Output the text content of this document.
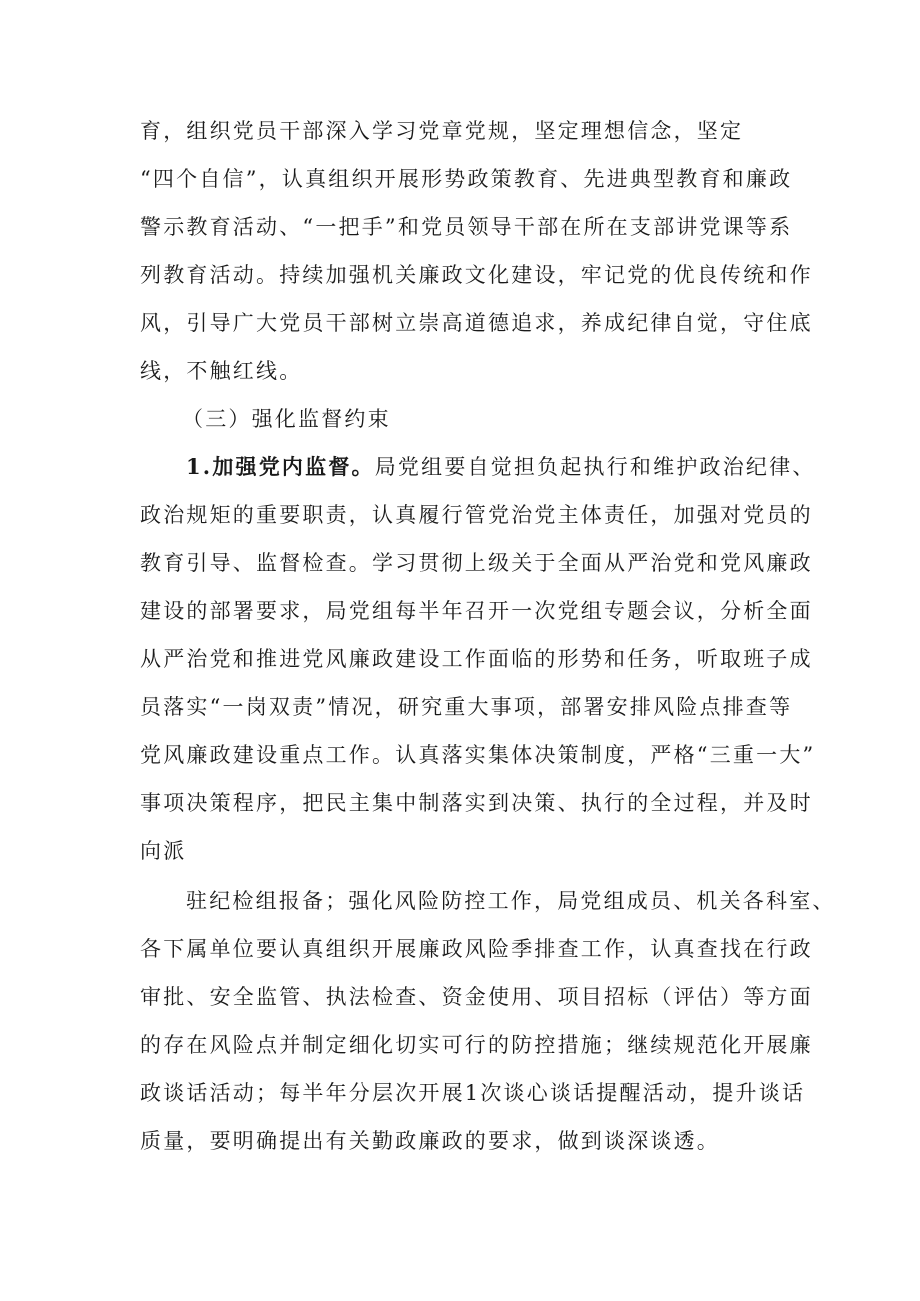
育，组织党员干部深入学习党章党规，坚定理想信念，坚定
“四个自信”，认真组织开展形势政策教育、先进典型教育和廉政
警示教育活动、“一把手”和党员领导干部在所在支部讲党课等系
列教育活动。持续加强机关廉政文化建设，牢记党的优良传统和作
风，引导广大党员干部树立崇高道德追求，养成纪律自觉，守住底
线，不触红线。
（三）强化监督约束
1.加强党内监督。局党组要自觉担负起执行和维护政治纪律、
政治规矩的重要职责，认真履行管党治党主体责任，加强对党员的
教育引导、监督检查。学习贯彻上级关于全面从严治党和党风廉政
建设的部署要求，局党组每半年召开一次党组专题会议，分析全面
从严治党和推进党风廉政建设工作面临的形势和任务，听取班子成
员落实“一岗双责”情况，研究重大事项，部署安排风险点排查等
党风廉政建设重点工作。认真落实集体决策制度，严格“三重一大”
事项决策程序，把民主集中制落实到决策、执行的全过程，并及时
向派
驻纪检组报备；强化风险防控工作，局党组成员、机关各科室、
各下属单位要认真组织开展廉政风险季排查工作，认真查找在行政
审批、安全监管、执法检查、资金使用、项目招标（评估）等方面
的存在风险点并制定细化切实可行的防控措施；继续规范化开展廉
政谈话活动；每半年分层次开展1次谈心谈话提醒活动，提升谈话
质量，要明确提出有关勤政廉政的要求，做到谈深谈透。
